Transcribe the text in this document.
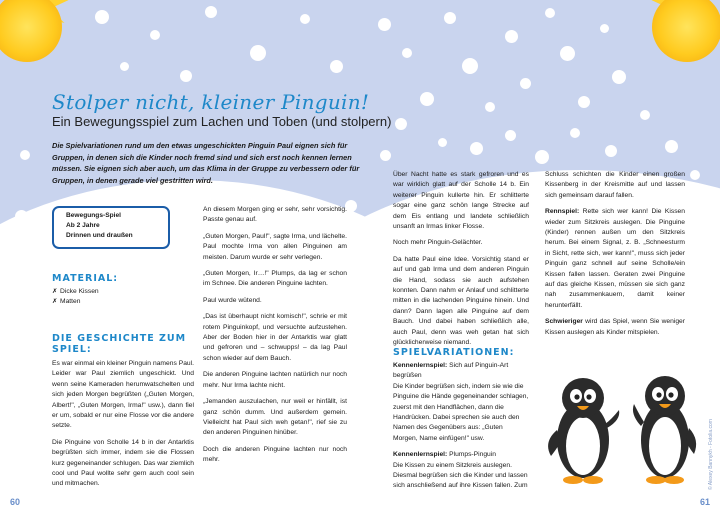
Stolper nicht, kleiner Pinguin!
Ein Bewegungsspiel zum Lachen und Toben (und stolpern)
Die Spielvariationen rund um den etwas ungeschickten Pinguin Paul eignen sich für Gruppen, in denen sich die Kinder noch fremd sind und sich erst noch kennen lernen müssen. Sie eignen sich aber auch, um das Klima in der Gruppe zu verbessern oder für Gruppen, in denen gerade viel gestritten wird.
Bewegungs-Spiel
Ab 2 Jahre
Drinnen und draußen
MATERIAL:
✗ Dicke Kissen
✗ Matten
DIE GESCHICHTE ZUM
SPIEL:

Es war einmal ein kleiner Pinguin namens Paul. Leider war Paul ziemlich ungeschickt. Und wenn seine Kameraden herumwatschelten und sich jeden Morgen begrüßten („Guten Morgen, Albert!", „Guten Morgen, Irma!" usw.), dann fiel er um, sobald er nur eine Flosse vor die andere setzte.

Die Pinguine von Scholle 14 b in der Antarktis begrüßten sich immer, indem sie die Flossen kurz gegeneinander schlugen. Das war ziemlich cool und Paul wollte sehr gern auch cool sein und mitmachen.

An diesem Morgen ging er sehr, sehr vorsichtig. Passte genau auf.

„Guten Morgen, Paul!", sagte Irma, und lächelte. Paul mochte Irma von allen Pinguinen am meisten. Darum wurde er sehr verlegen.

„Guten Morgen, Ir…!" Plumps, da lag er schon im Schnee. Die anderen Pinguine lachten.

Paul wurde wütend.

„Das ist überhaupt nicht komisch!", schrie er mit rotem Pinguinkopf, und versuchte aufzustehen. Aber der Boden hier in der Antarktis war glatt und gefroren und – schwupps! – da lag Paul schon wieder auf dem Bauch.

Die anderen Pinguine lachten natürlich nur noch mehr. Nur Irma lachte nicht.

„Jemanden auszulachen, nur weil er hinfällt, ist ganz schön dumm. Und außerdem gemein. Vielleicht hat Paul sich weh getan!", rief sie zu den anderen Pinguinen hinüber.

Doch die anderen Pinguine lachten nur noch mehr.

60

Über Nacht hatte es stark gefroren und es war wirklich glatt auf der Scholle 14 b. Ein weiterer Pinguin kullerte hin. Er schlitterte sogar eine ganz schön lange Strecke auf dem Eis entlang und landete schließlich unsanft an Irmas linker Flosse.

Noch mehr Pinguin-Gelächter.

Da hatte Paul eine Idee. Vorsichtig stand er auf und gab Irma und dem anderen Pinguin die Hand, sodass sie auch aufstehen konnten. Dann nahm er Anlauf und schlitterte mitten in die lachenden Pinguine hinein. Und dann? Dann lagen alle Pinguine auf dem Bauch. Und dabei haben schließlich alle, auch Paul, denn was weh getan hat sich glücklicherweise niemand.

SPIELVARIATIONEN:

Kennenlernspiel: Sich auf Pinguin-Art begrüßen
Die Kinder begrüßen sich, indem sie wie die Pinguine die Hände gegeneinander schlagen, zuerst mit den Handflächen, dann die Handrücken. Dabei sprechen sie auch den Namen des Gegenübers aus: „Guten Morgen, Name einfügen!" usw.

Kennenlernspiel: Plumps-Pinguin
Die Kissen zu einem Sitzkreis auslegen. Diesmal begrüßen sich die Kinder und lassen sich anschließend auf ihre Kissen fallen. Zum

Schluss schichten die Kinder einen großen Kissenberg in der Kreismitte auf und lassen sich gemeinsam darauf fallen.

Rennspiel: Rette sich wer kann! Die Kissen wieder zum Sitzkreis auslegen. Die Pinguine (Kinder) rennen außen um den Sitzkreis herum. Bei einem Signal, z. B. „Schneesturm in Sicht, rette sich, wer kann!", muss sich jeder Pinguin ganz schnell auf seine Scholle/ein Kissen fallen lassen. Geraten zwei Pinguine auf das gleiche Kissen, müssen sie sich ganz nah zusammenkauern, damit keiner herunterfällt.

Schwieriger wird das Spiel, wenn Sie weniger Kissen auslegen als Kinder mitspielen.

© Alexey Bannykh - Fotolia.com
61
